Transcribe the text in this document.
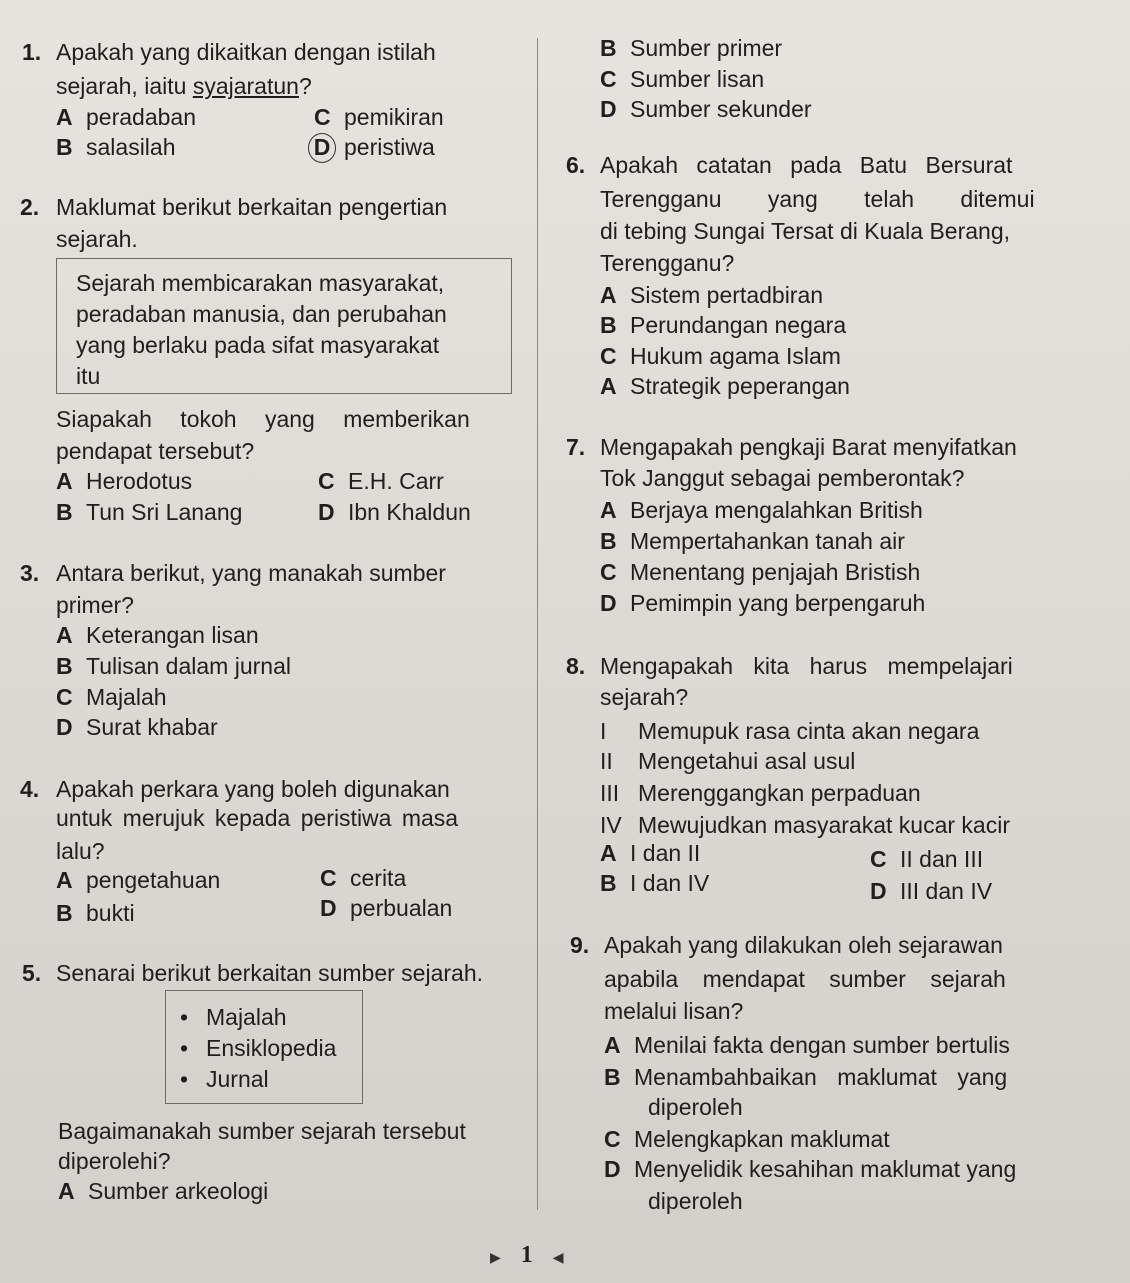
1. Apakah yang dikaitkan dengan istilah
sejarah, iaitu syajaratun?
A peradaban	C pemikiran
B salasilah	D peristiwa
2. Maklumat berikut berkaitan pengertian
sejarah.
Sejarah membicarakan masyarakat,
peradaban manusia, dan perubahan
yang berlaku pada sifat masyarakat
itu
Siapakah tokoh yang memberikan
pendapat tersebut?
A Herodotus	C E.H. Carr
B Tun Sri Lanang	D Ibn Khaldun
3. Antara berikut, yang manakah sumber
primer?
A Keterangan lisan
B Tulisan dalam jurnal
C Majalah
D Surat khabar
4. Apakah perkara yang boleh digunakan
untuk merujuk kepada peristiwa masa
lalu?
A pengetahuan	C cerita
B bukti	D perbualan
5. Senarai berikut berkaitan sumber sejarah.
• Majalah
• Ensiklopedia
• Jurnal
Bagaimanakah sumber sejarah tersebut
diperolehi?
A Sumber arkeologi
B Sumber primer
C Sumber lisan
D Sumber sekunder
6. Apakah catatan pada Batu Bersurat
Terengganu yang telah ditemui
di tebing Sungai Tersat di Kuala Berang,
Terengganu?
A Sistem pertadbiran
B Perundangan negara
C Hukum agama Islam
A Strategik peperangan
7. Mengapakah pengkaji Barat menyifatkan
Tok Janggut sebagai pemberontak?
A Berjaya mengalahkan British
B Mempertahankan tanah air
C Menentang penjajah Bristish
D Pemimpin yang berpengaruh
8. Mengapakah kita harus mempelajari
sejarah?
I Memupuk rasa cinta akan negara
II Mengetahui asal usul
III Merenggangkan perpaduan
IV Mewujudkan masyarakat kucar kacir
A I dan II	C II dan III
B I dan IV	D III dan IV
9. Apakah yang dilakukan oleh sejarawan
apabila mendapat sumber sejarah
melalui lisan?
A Menilai fakta dengan sumber bertulis
B Menambahbaikan maklumat yang
diperoleh
C Melengkapkan maklumat
D Menyelidik kesahihan maklumat yang
diperoleh
▶ 1 ◀
